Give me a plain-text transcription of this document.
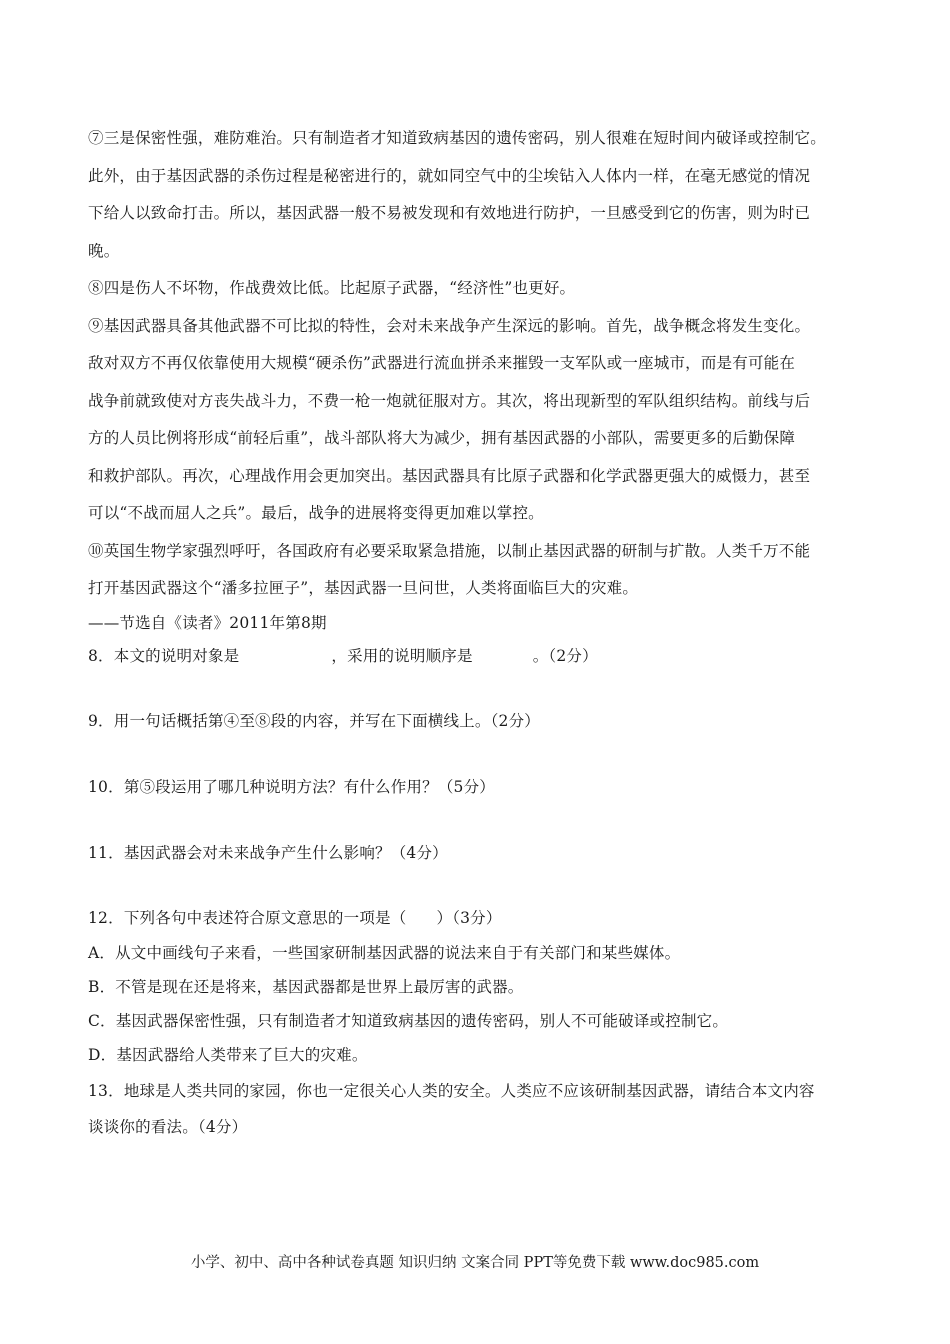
⑦三是保密性强，难防难治。只有制造者才知道致病基因的遗传密码，别人很难在短时间内破译或控制它。
此外，由于基因武器的杀伤过程是秘密进行的，就如同空气中的尘埃钻入人体内一样，在毫无感觉的情况
下给人以致命打击。所以，基因武器一般不易被发现和有效地进行防护，一旦感受到它的伤害，则为时已
晚。
⑧四是伤人不坏物，作战费效比低。比起原子武器，“经济性”也更好。
⑨基因武器具备其他武器不可比拟的特性，会对未来战争产生深远的影响。首先，战争概念将发生变化。
敌对双方不再仅依靠使用大规模“硬杀伤”武器进行流血拼杀来摧毁一支军队或一座城市，而是有可能在
战争前就致使对方丧失战斗力，不费一枪一炮就征服对方。其次，将出现新型的军队组织结构。前线与后
方的人员比例将形成“前轻后重”，战斗部队将大为减少，拥有基因武器的小部队，需要更多的后勤保障
和救护部队。再次，心理战作用会更加突出。基因武器具有比原子武器和化学武器更强大的威慑力，甚至
可以“不战而屈人之兵”。最后，战争的进展将变得更加难以掌控。
⑩英国生物学家强烈呼吁，各国政府有必要采取紧急措施，以制止基因武器的研制与扩散。人类千万不能
打开基因武器这个“潘多拉匣子”，基因武器一旦问世，人类将面临巨大的灾难。
——节选自《读者》2011年第8期
8．本文的说明对象是	，采用的说明顺序是	。（2分）
9．用一句话概括第④至⑧段的内容，并写在下面横线上。（2分）
10．第⑤段运用了哪几种说明方法？有什么作用？（5分）
11．基因武器会对未来战争产生什么影响？（4分）
12．下列各句中表述符合原文意思的一项是（ ）（3分）
A．从文中画线句子来看，一些国家研制基因武器的说法来自于有关部门和某些媒体。
B．不管是现在还是将来，基因武器都是世界上最厉害的武器。
C．基因武器保密性强，只有制造者才知道致病基因的遗传密码，别人不可能破译或控制它。
D．基因武器给人类带来了巨大的灾难。
13．地球是人类共同的家园，你也一定很关心人类的安全。人类应不应该研制基因武器，请结合本文内容
谈谈你的看法。（4分）
小学、初中、高中各种试卷真题 知识归纳 文案合同 PPT等免费下载 www.doc985.com
